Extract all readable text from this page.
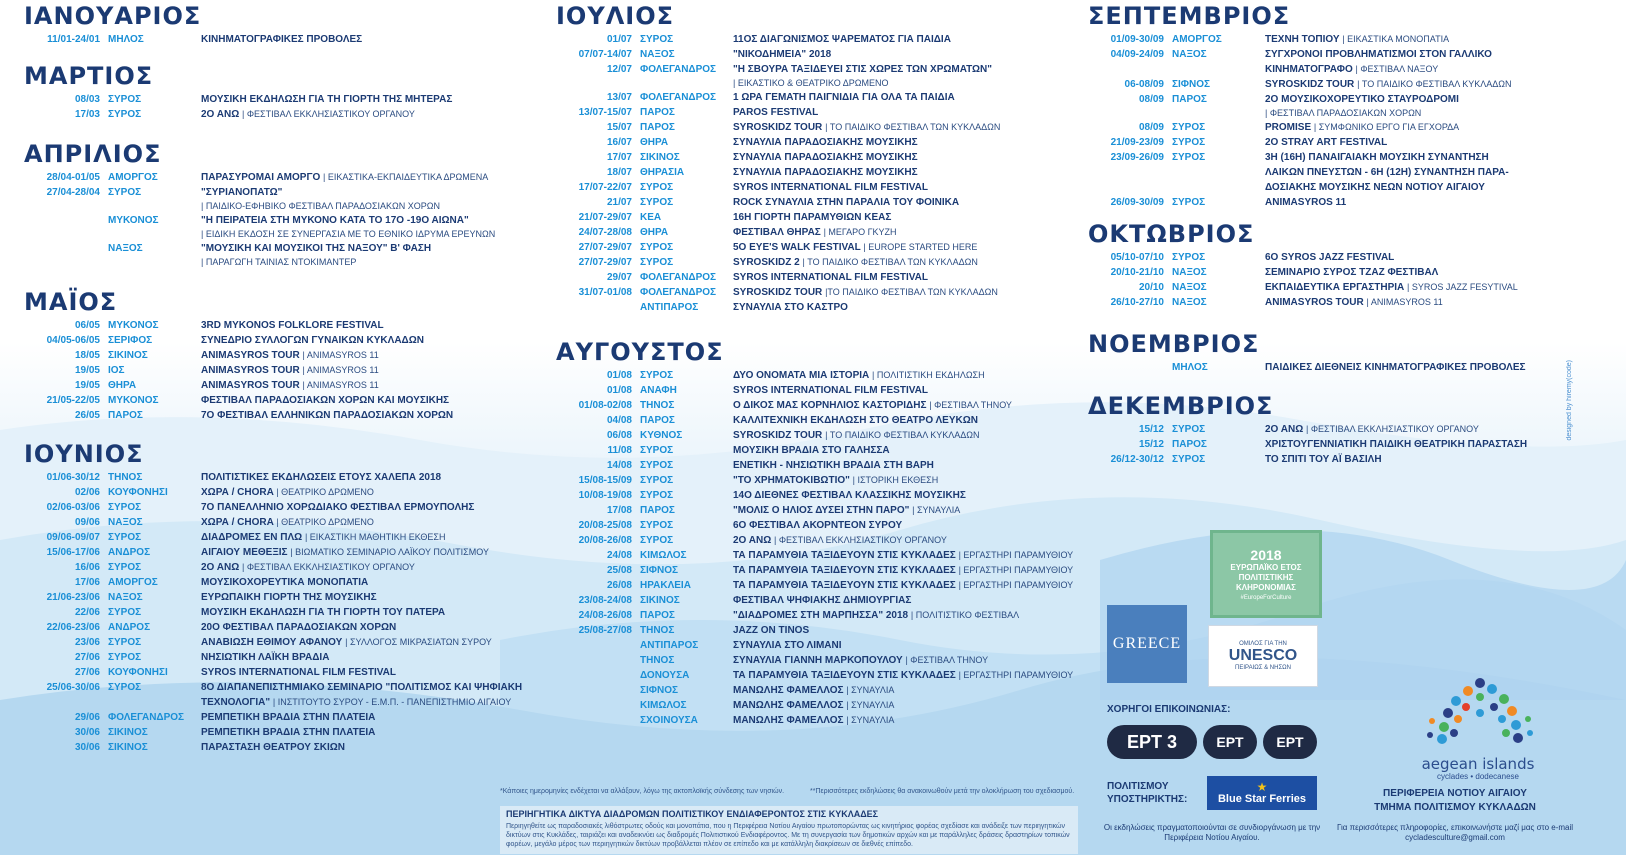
ΙΑΝΟΥΑΡΙΟΣ
11/01-24/01 ΜΗΛΟΣ	ΚΙΝΗΜΑΤΟΓΡΑΦΙΚΕΣ ΠΡΟΒΟΛΕΣ
ΜΑΡΤΙΟΣ
08/03 ΣΥΡΟΣ	ΜΟΥΣΙΚΗ ΕΚΔΗΛΩΣΗ ΓΙΑ ΤΗ ΓΙΟΡΤΗ ΤΗΣ ΜΗΤΕΡΑΣ
17/03 ΣΥΡΟΣ	2Ο ΑΝΩ | ΦΕΣΤΙΒΑΛ ΕΚΚΛΗΣΙΑΣΤΙΚΟΥ ΟΡΓΑΝΟΥ
ΑΠΡΙΛΙΟΣ
28/04-01/05 ΑΜΟΡΓΟΣ	ΠΑΡΑΣΥΡΟΜΑΙ ΑΜΟΡΓΟ | ΕΙΚΑΣΤΙΚΑ-ΕΚΠΑΙΔΕΥΤΙΚΑ ΔΡΩΜΕΝΑ
27/04-28/04 ΣΥΡΟΣ	"ΣΥΡΙΑΝΟΠΑΤΩ"
| ΠΑΙΔΙΚΟ-ΕΦΗΒΙΚΟ ΦΕΣΤΙΒΑΛ ΠΑΡΑΔΟΣΙΑΚΩΝ ΧΟΡΩΝ
ΜΥΚΟΝΟΣ	"Η ΠΕΙΡΑΤΕΙΑ ΣΤΗ ΜΥΚΟΝΟ ΚΑΤΑ ΤΟ 17Ο -19Ο ΑΙΩΝΑ"
| ΕΙΔΙΚΗ ΕΚΔΟΣΗ ΣΕ ΣΥΝΕΡΓΑΣΙΑ ΜΕ ΤΟ ΕΘΝΙΚΟ ΙΔΡΥΜΑ ΕΡΕΥΝΩΝ
ΝΑΞΟΣ	"ΜΟΥΣΙΚΗ ΚΑΙ ΜΟΥΣΙΚΟΙ ΤΗΣ ΝΑΞΟΥ" Β' ΦΑΣΗ
| ΠΑΡΑΓΩΓΗ ΤΑΙΝΙΑΣ ΝΤΟΚΙΜΑΝΤΕΡ
ΜΑΪΟΣ
06/05 ΜΥΚΟΝΟΣ	3RD MYKONOS FOLKLORE FESTIVAL
04/05-06/05 ΣΕΡΙΦΟΣ	ΣΥΝΕΔΡΙΟ ΣΥΛΛΟΓΩΝ ΓΥΝΑΙΚΩΝ ΚΥΚΛΑΔΩΝ
18/05 ΣΙΚΙΝΟΣ	ANIMASYROS TOUR | ANIMASYROS 11
19/05 ΙΟΣ	ANIMASYROS TOUR | ANIMASYROS 11
19/05 ΘΗΡΑ	ANIMASYROS TOUR | ANIMASYROS 11
21/05-22/05 ΜΥΚΟΝΟΣ	ΦΕΣΤΙΒΑΛ ΠΑΡΑΔΟΣΙΑΚΩΝ ΧΟΡΩΝ ΚΑΙ ΜΟΥΣΙΚΗΣ
26/05 ΠΑΡΟΣ	7Ο ΦΕΣΤΙΒΑΛ ΕΛΛΗΝΙΚΩΝ ΠΑΡΑΔΟΣΙΑΚΩΝ ΧΟΡΩΝ
ΙΟΥΝΙΟΣ
01/06-30/12 ΤΗΝΟΣ	ΠΟΛΙΤΙΣΤΙΚΕΣ ΕΚΔΗΛΩΣΕΙΣ ΕΤΟΥΣ ΧΑΛΕΠΑ 2018
02/06 ΚΟΥΦΟΝΗΣΙ	ΧΩΡΑ / CHORA | ΘΕΑΤΡΙΚΟ ΔΡΩΜΕΝΟ
02/06-03/06 ΣΥΡΟΣ	7Ο ΠΑΝΕΛΛΗΝΙΟ ΧΟΡΩΔΙΑΚΟ ΦΕΣΤΙΒΑΛ ΕΡΜΟΥΠΟΛΗΣ
09/06 ΝΑΞΟΣ	ΧΩΡΑ / CHORA | ΘΕΑΤΡΙΚΟ ΔΡΩΜΕΝΟ
09/06-09/07 ΣΥΡΟΣ	ΔΙΑΔΡΟΜΕΣ ΕΝ ΠΛΩ | ΕΙΚΑΣΤΙΚΗ ΜΑΘΗΤΙΚΗ ΕΚΘΕΣΗ
15/06-17/06 ΑΝΔΡΟΣ	ΑΙΓΑΙΟΥ ΜΕΘΕΞΙΣ | ΒΙΩΜΑΤΙΚΟ ΣΕΜΙΝΑΡΙΟ ΛΑΪΚΟΥ ΠΟΛΙΤΙΣΜΟΥ
16/06 ΣΥΡΟΣ	2Ο ΑΝΩ | ΦΕΣΤΙΒΑΛ ΕΚΚΛΗΣΙΑΣΤΙΚΟΥ ΟΡΓΑΝΟΥ
17/06 ΑΜΟΡΓΟΣ	ΜΟΥΣΙΚΟΧΟΡΕΥΤΙΚΑ ΜΟΝΟΠΑΤΙΑ
21/06-23/06 ΝΑΞΟΣ	ΕΥΡΩΠΑΙΚΗ ΓΙΟΡΤΗ ΤΗΣ ΜΟΥΣΙΚΗΣ
22/06 ΣΥΡΟΣ	ΜΟΥΣΙΚΗ ΕΚΔΗΛΩΣΗ ΓΙΑ ΤΗ ΓΙΟΡΤΗ ΤΟΥ ΠΑΤΕΡΑ
22/06-23/06 ΑΝΔΡΟΣ	20Ο ΦΕΣΤΙΒΑΛ ΠΑΡΑΔΟΣΙΑΚΩΝ ΧΟΡΩΝ
23/06 ΣΥΡΟΣ	ΑΝΑΒΙΩΣΗ ΕΘΙΜΟΥ ΑΦΑΝΟΥ | ΣΥΛΛΟΓΟΣ ΜΙΚΡΑΣΙΑΤΩΝ ΣΥΡΟΥ
27/06 ΣΥΡΟΣ	ΝΗΣΙΩΤΙΚΗ ΛΑΪΚΗ ΒΡΑΔΙΑ
27/06 ΚΟΥΦΟΝΗΣΙ	SYROS INTERNATIONAL FILM FESTIVAL
25/06-30/06 ΣΥΡΟΣ	8Ο ΔΙΑΠΑΝΕΠΙΣΤΗΜΙΑΚΟ ΣΕΜΙΝΑΡΙΟ "ΠΟΛΙΤΙΣΜΟΣ ΚΑΙ ΨΗΦΙΑΚΗ ΤΕΧΝΟΛΟΓΙΑ" | ΙΝΣΤΙΤΟΥΤΟ ΣΥΡΟΥ - Ε.Μ.Π. - ΠΑΝΕΠΙΣΤΗΜΙΟ ΑΙΓΑΙΟΥ
29/06 ΦΟΛΕΓΑΝΔΡΟΣ	ΡΕΜΠΕΤΙΚΗ ΒΡΑΔΙΑ ΣΤΗΝ ΠΛΑΤΕΙΑ
30/06 ΣΙΚΙΝΟΣ	ΡΕΜΠΕΤΙΚΗ ΒΡΑΔΙΑ ΣΤΗΝ ΠΛΑΤΕΙΑ
30/06 ΣΙΚΙΝΟΣ	ΠΑΡΑΣΤΑΣΗ ΘΕΑΤΡΟΥ ΣΚΙΩΝ
ΙΟΥΛΙΟΣ
01/07 ΣΥΡΟΣ	11ΟΣ ΔΙΑΓΩΝΙΣΜΟΣ ΨΑΡΕΜΑΤΟΣ ΓΙΑ ΠΑΙΔΙΑ
07/07-14/07 ΝΑΞΟΣ	"ΝΙΚΟΔΗΜΕΙΑ" 2018
12/07 ΦΟΛΕΓΑΝΔΡΟΣ	"Η ΣΒΟΥΡΑ ΤΑΞΙΔΕΥΕΙ ΣΤΙΣ ΧΩΡΕΣ ΤΩΝ ΧΡΩΜΑΤΩΝ"
| ΕΙΚΑΣΤΙΚΟ & ΘΕΑΤΡΙΚΟ ΔΡΩΜΕΝΟ
13/07 ΦΟΛΕΓΑΝΔΡΟΣ	1 ΩΡΑ ΓΕΜΑΤΗ ΠΑΙΓΝΙΔΙΑ ΓΙΑ ΟΛΑ ΤΑ ΠΑΙΔΙΑ
13/07-15/07 ΠΑΡΟΣ	PAROS FESTIVAL
15/07 ΠΑΡΟΣ	SYROSKIDZ TOUR | ΤΟ ΠΑΙΔΙΚΟ ΦΕΣΤΙΒΑΛ ΤΩΝ ΚΥΚΛΑΔΩΝ
16/07 ΘΗΡΑ	ΣΥΝΑΥΛΙΑ ΠΑΡΑΔΟΣΙΑΚΗΣ ΜΟΥΣΙΚΗΣ
17/07 ΣΙΚΙΝΟΣ	ΣΥΝΑΥΛΙΑ ΠΑΡΑΔΟΣΙΑΚΗΣ ΜΟΥΣΙΚΗΣ
18/07 ΘΗΡΑΣΙΑ	ΣΥΝΑΥΛΙΑ ΠΑΡΑΔΟΣΙΑΚΗΣ ΜΟΥΣΙΚΗΣ
17/07-22/07 ΣΥΡΟΣ	SYROS INTERNATIONAL FILM FESTIVAL
21/07 ΣΥΡΟΣ	ROCK ΣΥΝΑΥΛΙΑ ΣΤΗΝ ΠΑΡΑΛΙΑ ΤΟΥ ΦΟΙΝΙΚΑ
21/07-29/07 ΚΕΑ	16Η ΓΙΟΡΤΗ ΠΑΡΑΜΥΘΙΩΝ ΚΕΑΣ
24/07-28/08 ΘΗΡΑ	ΦΕΣΤΙΒΑΛ ΘΗΡΑΣ | ΜΕΓΑΡΟ ΓΚΥΖΗ
27/07-29/07 ΣΥΡΟΣ	5Ο EYE'S WALK FESTIVAL | EUROPE STARTED HERE
27/07-29/07 ΣΥΡΟΣ	SYROSKIDZ 2 | ΤΟ ΠΑΙΔΙΚΟ ΦΕΣΤΙΒΑΛ ΤΩΝ ΚΥΚΛΑΔΩΝ
29/07 ΦΟΛΕΓΑΝΔΡΟΣ	SYROS INTERNATIONAL FILM FESTIVAL
31/07-01/08 ΦΟΛΕΓΑΝΔΡΟΣ	SYROSKIDZ TOUR |ΤΟ ΠΑΙΔΙΚΟ ΦΕΣΤΙΒΑΛ ΤΩΝ ΚΥΚΛΑΔΩΝ
ΑΝΤΙΠΑΡΟΣ	ΣΥΝΑΥΛΙΑ ΣΤΟ ΚΑΣΤΡΟ
ΑΥΓΟΥΣΤΟΣ
01/08 ΣΥΡΟΣ	ΔΥΟ ΟΝΟΜΑΤΑ ΜΙΑ ΙΣΤΟΡΙΑ | ΠΟΛΙΤΙΣΤΙΚΗ ΕΚΔΗΛΩΣΗ
01/08 ΑΝΑΦΗ	SYROS INTERNATIONAL FILM FESTIVAL
01/08-02/08 ΤΗΝΟΣ	Ο ΔΙΚΟΣ ΜΑΣ ΚΟΡΝΗΛΙΟΣ ΚΑΣΤΟΡΙΔΗΣ | ΦΕΣΤΙΒΑΛ ΤΗΝΟΥ
04/08 ΠΑΡΟΣ	ΚΑΛΛΙΤΕΧΝΙΚΗ ΕΚΔΗΛΩΣΗ ΣΤΟ ΘΕΑΤΡΟ ΛΕΥΚΩΝ
06/08 ΚΥΘΝΟΣ	SYROSKIDZ TOUR | ΤΟ ΠΑΙΔΙΚΟ ΦΕΣΤΙΒΑΛ ΚΥΚΛΑΔΩΝ
11/08 ΣΥΡΟΣ	ΜΟΥΣΙΚΗ ΒΡΑΔΙΑ ΣΤΟ ΓΑΛΗΣΣΑ
14/08 ΣΥΡΟΣ	ΕΝΕΤΙΚΗ - ΝΗΣΙΩΤΙΚΗ ΒΡΑΔΙΑ ΣΤΗ ΒΑΡΗ
15/08-15/09 ΣΥΡΟΣ	"ΤΟ ΧΡΗΜΑΤΟΚΙΒΩΤΙΟ" | ΙΣΤΟΡΙΚΗ ΕΚΘΕΣΗ
10/08-19/08 ΣΥΡΟΣ	14Ο ΔΙΕΘΝΕΣ ΦΕΣΤΙΒΑΛ ΚΛΑΣΣΙΚΗΣ ΜΟΥΣΙΚΗΣ
17/08 ΠΑΡΟΣ	"ΜΟΛΙΣ Ο ΗΛΙΟΣ ΔΥΣΕΙ ΣΤΗΝ ΠΑΡΟ" | ΣΥΝΑΥΛΙΑ
20/08-25/08 ΣΥΡΟΣ	6Ο ΦΕΣΤΙΒΑΛ ΑΚΟΡΝΤΕΟΝ ΣΥΡΟΥ
20/08-26/08 ΣΥΡΟΣ	2Ο ΑΝΩ | ΦΕΣΤΙΒΑΛ ΕΚΚΛΗΣΙΑΣΤΙΚΟΥ ΟΡΓΑΝΟΥ
24/08 ΚΙΜΩΛΟΣ	ΤΑ ΠΑΡΑΜΥΘΙΑ ΤΑΞΙΔΕΥΟΥΝ ΣΤΙΣ ΚΥΚΛΑΔΕΣ | ΕΡΓΑΣΤΗΡΙ ΠΑΡΑΜΥΘΙΟΥ
25/08 ΣΙΦΝΟΣ	ΤΑ ΠΑΡΑΜΥΘΙΑ ΤΑΞΙΔΕΥΟΥΝ ΣΤΙΣ ΚΥΚΛΑΔΕΣ | ΕΡΓΑΣΤΗΡΙ ΠΑΡΑΜΥΘΙΟΥ
26/08 ΗΡΑΚΛΕΙΑ	ΤΑ ΠΑΡΑΜΥΘΙΑ ΤΑΞΙΔΕΥΟΥΝ ΣΤΙΣ ΚΥΚΛΑΔΕΣ | ΕΡΓΑΣΤΗΡΙ ΠΑΡΑΜΥΘΙΟΥ
23/08-24/08 ΣΙΚΙΝΟΣ	ΦΕΣΤΙΒΑΛ ΨΗΦΙΑΚΗΣ ΔΗΜΙΟΥΡΓΙΑΣ
24/08-26/08 ΠΑΡΟΣ	"ΔΙΑΔΡΟΜΕΣ ΣΤΗ ΜΑΡΠΗΣΣΑ" 2018 | ΠΟΛΙΤΙΣΤΙΚΟ ΦΕΣΤΙΒΑΛ
25/08-27/08 ΤΗΝΟΣ	JAZZ ON TINOS
ΑΝΤΙΠΑΡΟΣ	ΣΥΝΑΥΛΙΑ ΣΤΟ ΛΙΜΑΝΙ
ΤΗΝΟΣ	ΣΥΝΑΥΛΙΑ ΓΙΑΝΝΗ ΜΑΡΚΟΠΟΥΛΟΥ | ΦΕΣΤΙΒΑΛ ΤΗΝΟΥ
ΔΟΝΟΥΣΑ	ΤΑ ΠΑΡΑΜΥΘΙΑ ΤΑΞΙΔΕΥΟΥΝ ΣΤΙΣ ΚΥΚΛΑΔΕΣ | ΕΡΓΑΣΤΗΡΙ ΠΑΡΑΜΥΘΙΟΥ
ΣΙΦΝΟΣ	ΜΑΝΩΛΗΣ ΦΑΜΕΛΛΟΣ | ΣΥΝΑΥΛΙΑ
ΚΙΜΩΛΟΣ	ΜΑΝΩΛΗΣ ΦΑΜΕΛΛΟΣ | ΣΥΝΑΥΛΙΑ
ΣΧΟΙΝΟΥΣΑ	ΜΑΝΩΛΗΣ ΦΑΜΕΛΛΟΣ | ΣΥΝΑΥΛΙΑ
ΣΕΠΤΕΜΒΡΙΟΣ
01/09-30/09 ΑΜΟΡΓΟΣ	ΤΕΧΝΗ ΤΟΠΙΟΥ | ΕΙΚΑΣΤΙΚΑ ΜΟΝΟΠΑΤΙΑ
04/09-24/09 ΝΑΞΟΣ	ΣΥΓΧΡΟΝΟΙ ΠΡΟΒΛΗΜΑΤΙΣΜΟΙ ΣΤΟΝ ΓΑΛΛΙΚΟ ΚΙΝΗΜΑΤΟΓΡΑΦΟ | ΦΕΣΤΙΒΑΛ ΝΑΞΟΥ
06-08/09 ΣΙΦΝΟΣ	SYROSKIDZ TOUR | ΤΟ ΠΑΙΔΙΚΟ ΦΕΣΤΙΒΑΛ ΚΥΚΛΑΔΩΝ
08/09 ΠΑΡΟΣ	2Ο ΜΟΥΣΙΚΟΧΟΡΕΥΤΙΚΟ ΣΤΑΥΡΟΔΡΟΜΙ
| ΦΕΣΤΙΒΑΛ ΠΑΡΑΔΟΣΙΑΚΩΝ ΧΟΡΩΝ
08/09 ΣΥΡΟΣ	PROMISE | ΣΥΜΦΩΝΙΚΟ ΕΡΓΟ ΓΙΑ ΕΓΧΟΡΔΑ
21/09-23/09 ΣΥΡΟΣ	2Ο STRAY ART FESTIVAL
23/09-26/09 ΣΥΡΟΣ	3Η (16Η) ΠΑΝΑΙΓΑΙΑΚΗ ΜΟΥΣΙΚΗ ΣΥΝΑΝΤΗΣΗ ΛΑΙΚΩΝ ΠΝΕΥΣΤΩΝ - 6Η (12Η) ΣΥΝΑΝΤΗΣΗ ΠΑΡΑ-ΔΟΣΙΑΚΗΣ ΜΟΥΣΙΚΗΣ ΝΕΩΝ ΝΟΤΙΟΥ ΑΙΓΑΙΟΥ
26/09-30/09 ΣΥΡΟΣ	ANIMASYROS 11
ΟΚΤΩΒΡΙΟΣ
05/10-07/10 ΣΥΡΟΣ	6Ο SYROS JAZZ FESTIVAL
20/10-21/10 ΝΑΞΟΣ	ΣΕΜΙΝΑΡΙΟ ΣΥΡΟΣ ΤΖΑΖ ΦΕΣΤΙΒΑΛ
20/10 ΝΑΞΟΣ	ΕΚΠΑΙΔΕΥΤΙΚΑ ΕΡΓΑΣΤΗΡΙΑ | SYROS JAZZ FESYTIVAL
26/10-27/10 ΝΑΞΟΣ	ANIMASYROS TOUR | ANIMASYROS 11
ΝΟΕΜΒΡΙΟΣ
ΜΗΛΟΣ	ΠΑΙΔΙΚΕΣ ΔΙΕΘΝΕΙΣ ΚΙΝΗΜΑΤΟΓΡΑΦΙΚΕΣ ΠΡΟΒΟΛΕΣ
ΔΕΚΕΜΒΡΙΟΣ
15/12 ΣΥΡΟΣ	2Ο ΑΝΩ | ΦΕΣΤΙΒΑΛ ΕΚΚΛΗΣΙΑΣΤΙΚΟΥ ΟΡΓΑΝΟΥ
15/12 ΠΑΡΟΣ	ΧΡΙΣΤΟΥΓΕΝΝΙΑΤΙΚΗ ΠΑΙΔΙΚΗ ΘΕΑΤΡΙΚΗ ΠΑΡΑΣΤΑΣΗ
26/12-30/12 ΣΥΡΟΣ	ΤΟ ΣΠΙΤΙ ΤΟΥ ΑΪ ΒΑΣΙΛΗ
*Κάποιες ημερομηνίες ενδέχεται να αλλάξουν, λόγω της ακτοπλοϊκής σύνδεσης των νησιών.	**Περισσότερες εκδηλώσεις θα ανακοινωθούν μετά την ολοκλήρωση του σχεδιασμού.
ΠΕΡΙΗΓΗΤΙΚΑ ΔΙΚΤΥΑ ΔΙΑΔΡΟΜΩΝ ΠΟΛΙΤΙΣΤΙΚΟΥ ΕΝΔΙΑΦΕΡΟΝΤΟΣ ΣΤΙΣ ΚΥΚΛΑΔΕΣ
Περιηγηθείτε ως παραδοσιακές λιθόστρωτες οδούς και μονοπάτια, που η Περιφέρεια Νοτίου Αιγαίου πρωτοπορώντας ως κινητήριος φορέας σχεδίασε και ανάδειξε των περιηγητικών δικτύων στις Κυκλάδες, ταιριάζει και αναδεικνύει ως διαδρομές Πολιτιστικού Ενδιαφέροντος. Με τη συνεργασία των δημοτικών αρχών και με παράλληλες δράσεις δραστηρίων τοπικών φορέων, μεγάλο μέρος των περιηγητικών δικτύων προβάλλεται πλέον σε επίπεδο και με κατάλληλη διακρίσεων σε διεθνές επίπεδο.
2018
ΕΥΡΩΠΑΪΚΟ ΕΤΟΣ ΠΟΛΙΤΙΣΤΙΚΗΣ ΚΛΗΡΟΝΟΜΙΑΣ
#EuropeForCulture
GREECE	ΟΜΙΛΟΣ ΓΙΑ ΤΗΝ
UNESCO
ΠΕΙΡΑΙΩΣ & ΝΗΣΩΝ
ΧΟΡΗΓΟΙ ΕΠΙΚΟΙΝΩΝΙΑΣ:
ΕΡΤ 3	ΕΡΤ ΕΡΤ
ΠΟΛΙΤΙΣΜΟΥ
ΥΠΟΣΤΗΡΙΚΤΗΣ:
★
Blue Star Ferries
Οι εκδηλώσεις πραγματοποιούνται σε συνδιοργάνωση με την Περιφέρεια Νοτίου Αιγαίου.
aegean islands
cyclades • dodecanese
ΠΕΡΙΦΕΡΕΙΑ ΝΟΤΙΟΥ ΑΙΓΑΙΟΥ
ΤΜΗΜΑ ΠΟΛΙΤΙΣΜΟΥ ΚΥΚΛΑΔΩΝ
Για περισσότερες πληροφορίες, επικοινωνήστε μαζί μας στο e-mail cycladesculture@gmail.com
designed by hiremy(code)
